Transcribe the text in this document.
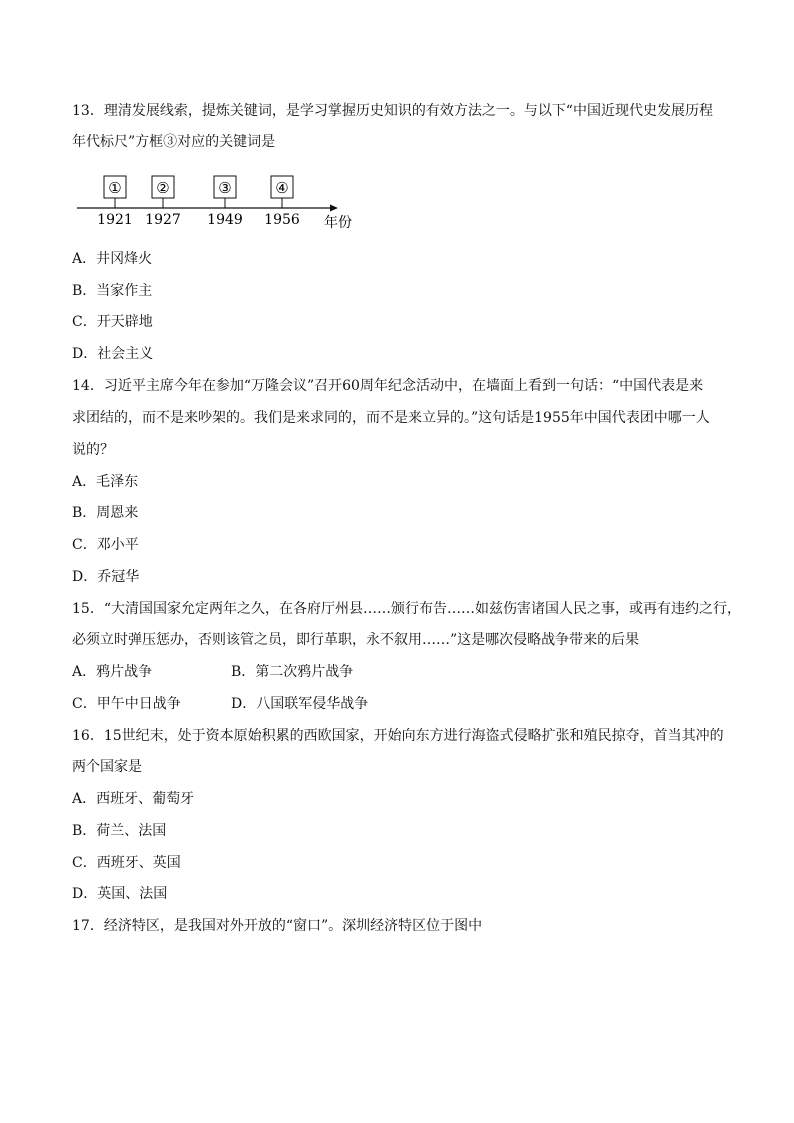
13．理清发展线索，提炼关键词，是学习掌握历史知识的有效方法之一。与以下“中国近现代史发展历程
年代标尺”方框③对应的关键词是
①
1921
②
1927
③
1949
④
1956 年份
A．井冈烽火
B．当家作主
C．开天辟地
D．社会主义
14．习近平主席今年在参加“万隆会议”召开60周年纪念活动中，在墙面上看到一句话：“中国代表是来
求团结的，而不是来吵架的。我们是来求同的，而不是来立异的。”这句话是1955年中国代表团中哪一人
说的？
A．毛泽东
B．周恩来
C．邓小平
D．乔冠华
15．“大清国国家允定两年之久，在各府厅州县……颁行布告……如兹伤害诸国人民之事，或再有违约之行，
必须立时弹压惩办，否则该管之员，即行革职，永不叙用……”这是哪次侵略战争带来的后果
A．鸦片战争	B．第二次鸦片战争
C．甲午中日战争	D．八国联军侵华战争
16．15世纪末，处于资本原始积累的西欧国家，开始向东方进行海盗式侵略扩张和殖民掠夺，首当其冲的
两个国家是
A．西班牙、葡萄牙
B．荷兰、法国
C．西班牙、英国
D．英国、法国
17．经济特区，是我国对外开放的“窗口”。深圳经济特区位于图中
